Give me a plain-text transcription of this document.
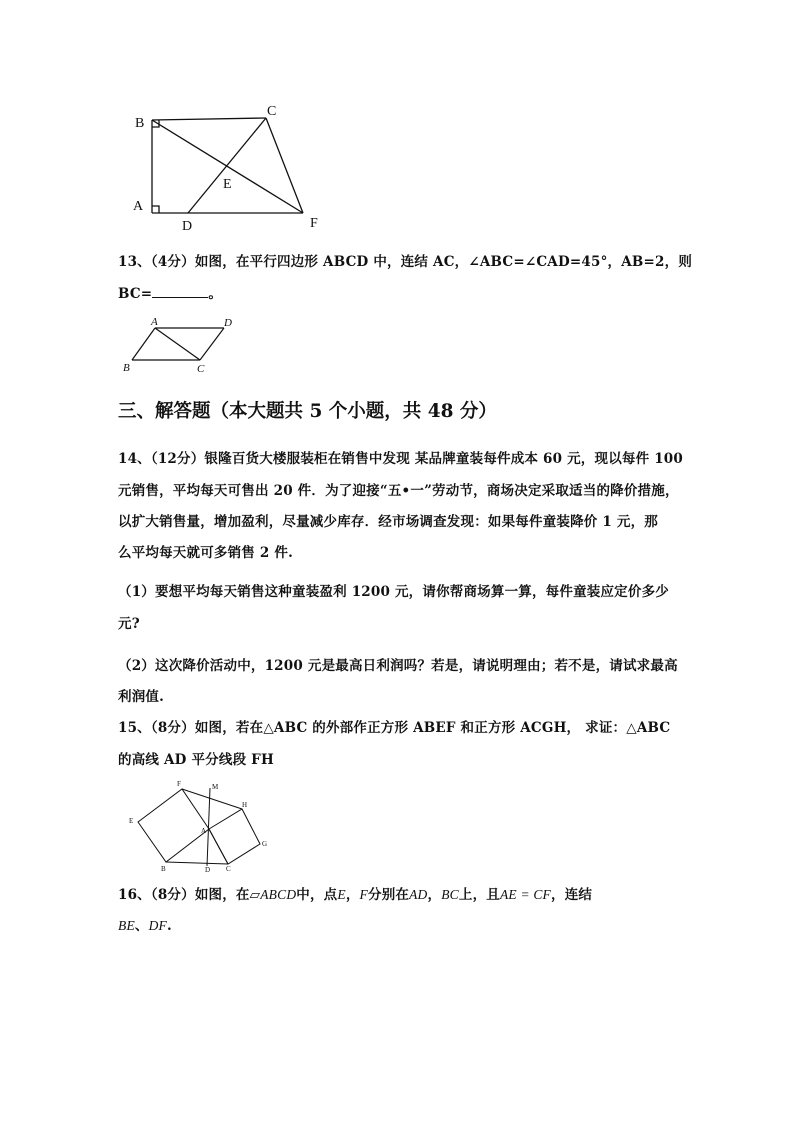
B
C
E
A
D	F
13、（4分）如图，在平行四边形 ABCD 中，连结 AC，∠ABC=∠CAD=45°，AB=2，则
BC=	。
A	D
B	C
三、解答题（本大题共 5 个小题，共 48 分）
14、（12分）银隆百货大楼服装柜在销售中发现 某品牌童装每件成本 60 元，现以每件 100
元销售，平均每天可售出 20 件．为了迎接“五•一”劳动节，商场决定采取适当的降价措施，
以扩大销售量，增加盈利，尽量减少库存．经市场调查发现：如果每件童装降价 1 元，那
么平均每天就可多销售 2 件.
（1）要想平均每天销售这种童装盈利 1200 元，请你帮商场算一算，每件童装应定价多少
元?
（2）这次降价活动中，1200 元是最高日利润吗？若是，请说明理由；若不是，请试求最高
利润值.
15、（8分）如图，若在△ABC 的外部作正方形 ABEF 和正方形 ACGH， 求证：△ABC
的高线 AD 平分线段 FH
F	M
H
E
A
G
B	D C
16、（8分）如图，在▱ABCD中，点E，F分别在AD，BC上，且AE = CF，连结
BE、DF.
